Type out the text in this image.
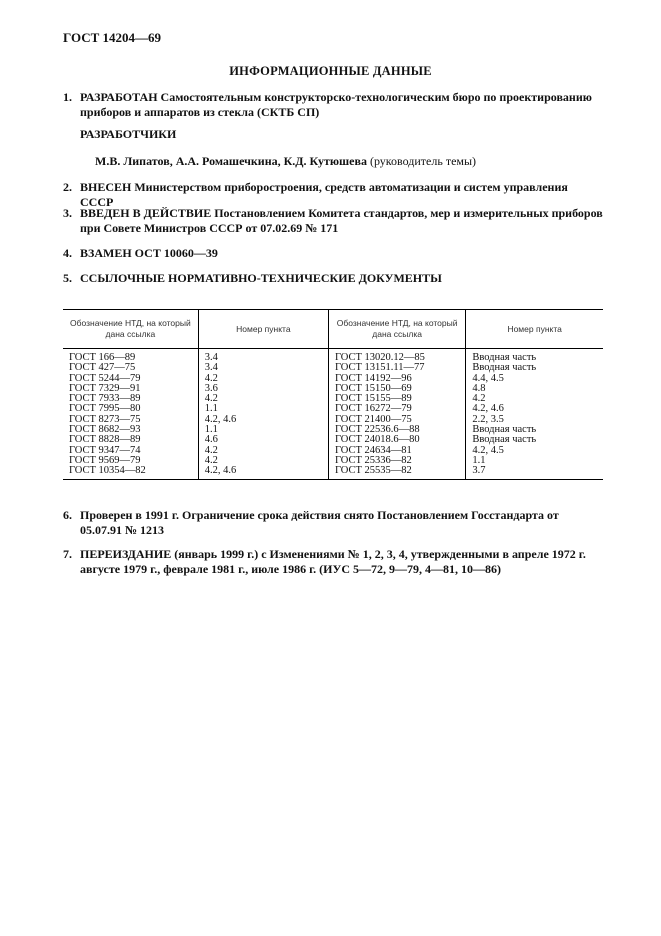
ГОСТ 14204—69
ИНФОРМАЦИОННЫЕ ДАННЫЕ
1. РАЗРАБОТАН Самостоятельным конструкторско-технологическим бюро по проектированию приборов и аппаратов из стекла (СКТБ СП)
РАЗРАБОТЧИКИ
М.В. Липатов, А.А. Ромашечкина, К.Д. Кутюшева (руководитель темы)
2. ВНЕСЕН Министерством приборостроения, средств автоматизации и систем управления СССР
3. ВВЕДЕН В ДЕЙСТВИЕ Постановлением Комитета стандартов, мер и измерительных приборов при Совете Министров СССР от 07.02.69 № 171
4. ВЗАМЕН ОСТ 10060—39
5. ССЫЛОЧНЫЕ НОРМАТИВНО-ТЕХНИЧЕСКИЕ ДОКУМЕНТЫ
Обозначение НТД, на который дана ссылка	Номер пункта	Обозначение НТД, на который дана ссылка	Номер пункта
ГОСТ 166—89	3.4	ГОСТ 13020.12—85	Вводная часть
ГОСТ 427—75	3.4	ГОСТ 13151.11—77	Вводная часть
ГОСТ 5244—79	4.2	ГОСТ 14192—96	4.4, 4.5
ГОСТ 7329—91	3.6	ГОСТ 15150—69	4.8
ГОСТ 7933—89	4.2	ГОСТ 15155—89	4.2
ГОСТ 7995—80	1.1	ГОСТ 16272—79	4.2, 4.6
ГОСТ 8273—75	4.2, 4.6	ГОСТ 21400—75	2.2, 3.5
ГОСТ 8682—93	1.1	ГОСТ 22536.6—88	Вводная часть
ГОСТ 8828—89	4.6	ГОСТ 24018.6—80	Вводная часть
ГОСТ 9347—74	4.2	ГОСТ 24634—81	4.2, 4.5
ГОСТ 9569—79	4.2	ГОСТ 25336—82	1.1
ГОСТ 10354—82	4.2, 4.6	ГОСТ 25535—82	3.7
6. Проверен в 1991 г. Ограничение срока действия снято Постановлением Госстандарта от 05.07.91 № 1213
7. ПЕРЕИЗДАНИЕ (январь 1999 г.) с Изменениями № 1, 2, 3, 4, утвержденными в апреле 1972 г. августе 1979 г., феврале 1981 г., июле 1986 г. (ИУС 5—72, 9—79, 4—81, 10—86)
